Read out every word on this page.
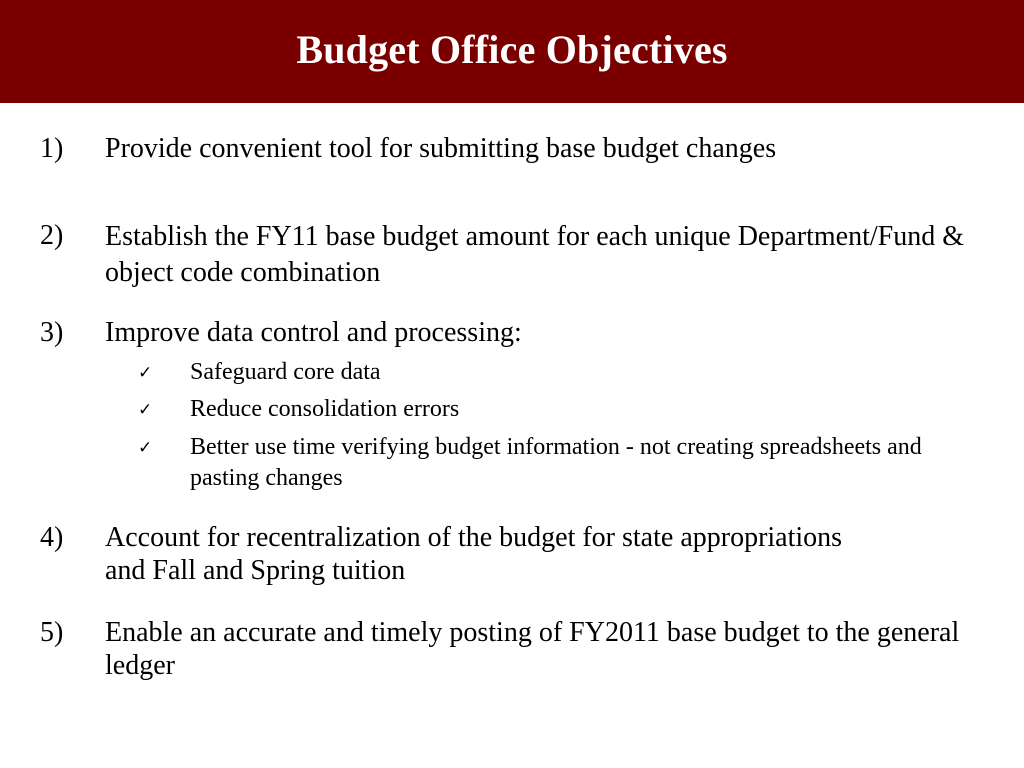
Budget Office Objectives
1) Provide convenient tool for submitting base budget changes
2) Establish the FY11 base budget amount for each unique Department/Fund & object code combination
3) Improve data control and processing:
✓ Safeguard core data
✓ Reduce consolidation errors
✓ Better use time verifying budget information - not creating spreadsheets and pasting changes
4) Account for recentralization of the budget for state appropriations and Fall and Spring tuition
5) Enable an accurate and timely posting of FY2011 base budget to the general ledger
